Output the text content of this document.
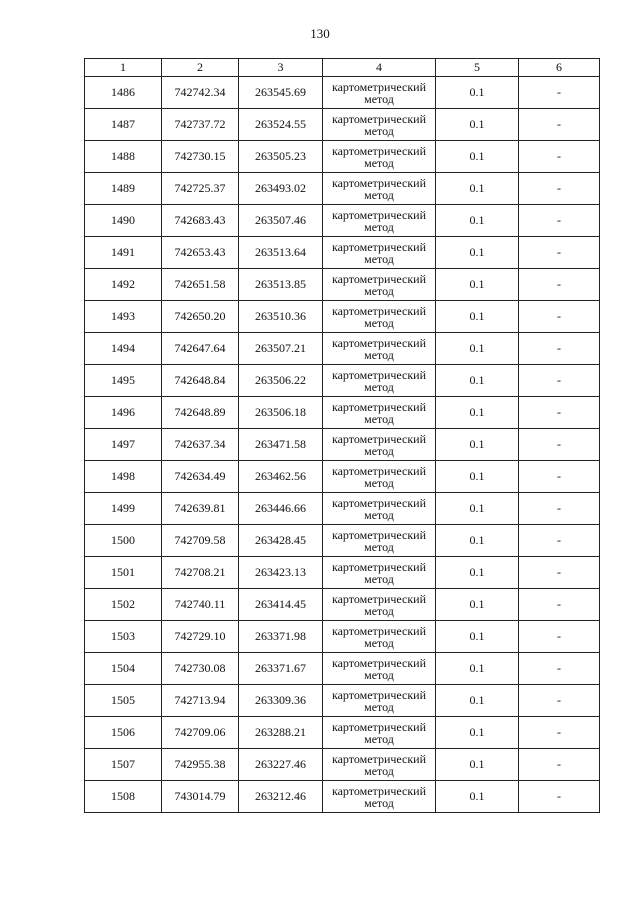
130
1	2	3	4	5	6
1486	742742.34	263545.69	картометрический метод	0.1	-
1487	742737.72	263524.55	картометрический метод	0.1	-
1488	742730.15	263505.23	картометрический метод	0.1	-
1489	742725.37	263493.02	картометрический метод	0.1	-
1490	742683.43	263507.46	картометрический метод	0.1	-
1491	742653.43	263513.64	картометрический метод	0.1	-
1492	742651.58	263513.85	картометрический метод	0.1	-
1493	742650.20	263510.36	картометрический метод	0.1	-
1494	742647.64	263507.21	картометрический метод	0.1	-
1495	742648.84	263506.22	картометрический метод	0.1	-
1496	742648.89	263506.18	картометрический метод	0.1	-
1497	742637.34	263471.58	картометрический метод	0.1	-
1498	742634.49	263462.56	картометрический метод	0.1	-
1499	742639.81	263446.66	картометрический метод	0.1	-
1500	742709.58	263428.45	картометрический метод	0.1	-
1501	742708.21	263423.13	картометрический метод	0.1	-
1502	742740.11	263414.45	картометрический метод	0.1	-
1503	742729.10	263371.98	картометрический метод	0.1	-
1504	742730.08	263371.67	картометрический метод	0.1	-
1505	742713.94	263309.36	картометрический метод	0.1	-
1506	742709.06	263288.21	картометрический метод	0.1	-
1507	742955.38	263227.46	картометрический метод	0.1	-
1508	743014.79	263212.46	картометрический метод	0.1	-
